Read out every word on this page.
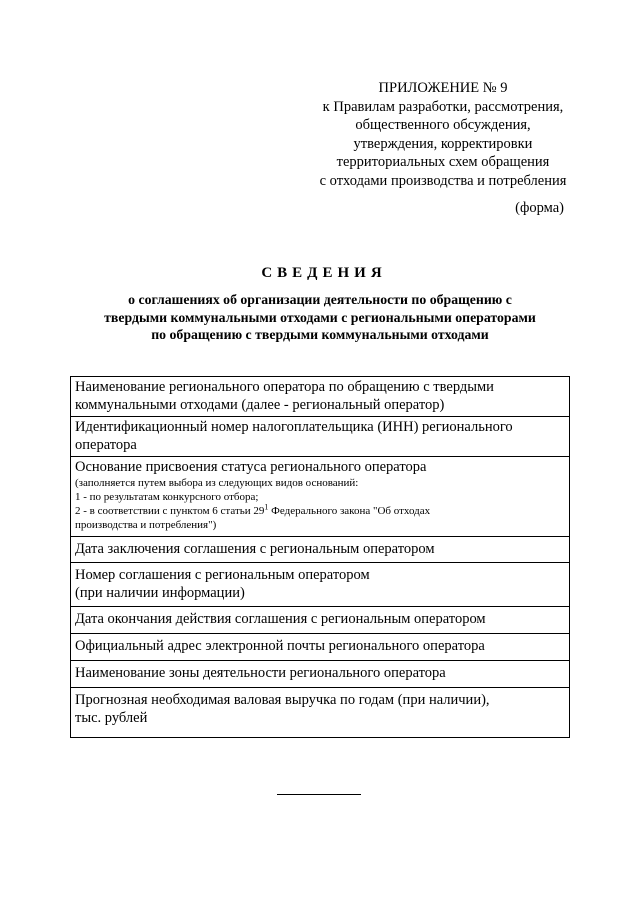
ПРИЛОЖЕНИЕ № 9
к Правилам разработки, рассмотрения,
общественного обсуждения,
утверждения, корректировки
территориальных схем обращения
с отходами производства и потребления
(форма)
СВЕДЕНИЯ
о соглашениях об организации деятельности по обращению с
твердыми коммунальными отходами с региональными операторами
по обращению с твердыми коммунальными отходами
Наименование регионального оператора по обращению с твердыми
коммунальными отходами (далее - региональный оператор)

Идентификационный номер налогоплательщика (ИНН) регионального
оператора

Основание присвоения статуса регионального оператора
(заполняется путем выбора из следующих видов оснований:
1 - по результатам конкурсного отбора;
2 - в соответствии с пунктом 6 статьи $29^1$ Федерального закона "Об отходах
производства и потребления")

Дата заключения соглашения с региональным оператором

Номер соглашения с региональным оператором
(при наличии информации)

Дата окончания действия соглашения с региональным оператором

Официальный адрес электронной почты регионального оператора

Наименование зоны деятельности регионального оператора

Прогнозная необходимая валовая выручка по годам (при наличии),
тыс. рублей
